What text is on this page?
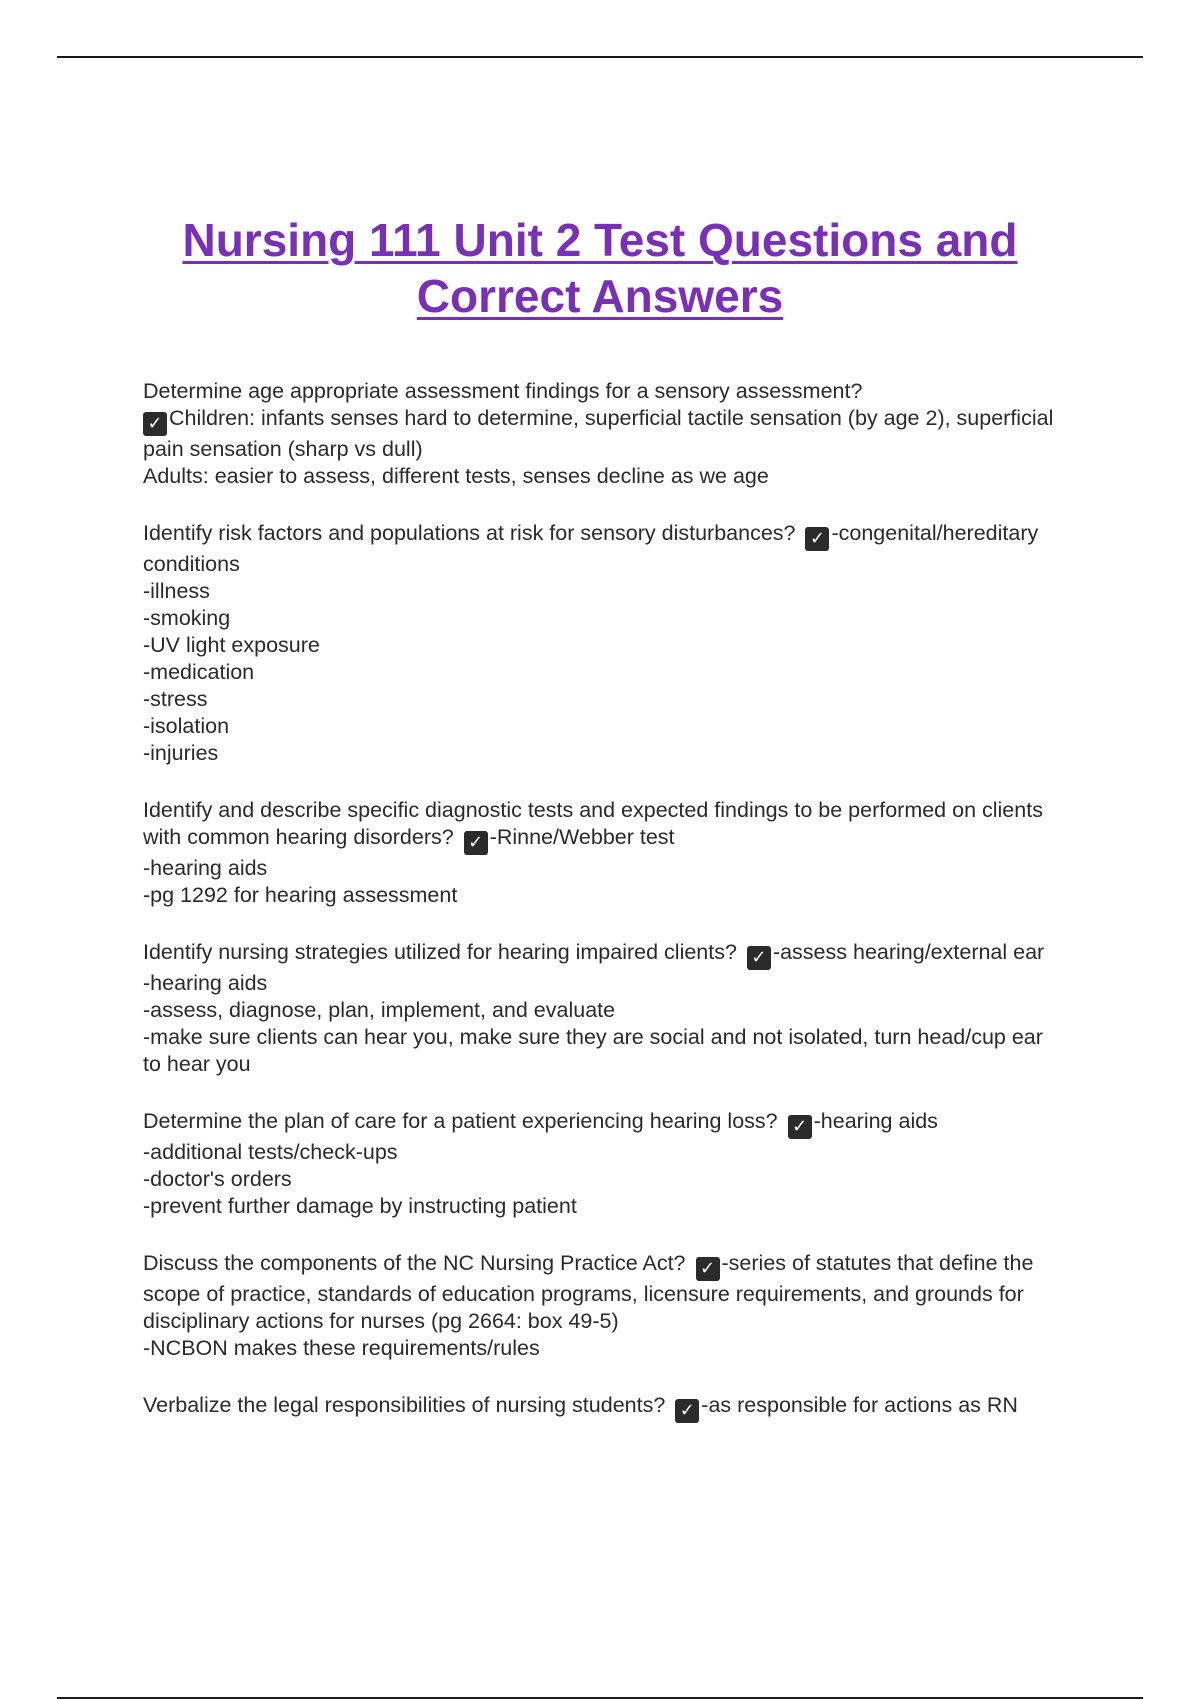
Nursing 111 Unit 2 Test Questions and Correct Answers
Determine age appropriate assessment findings for a sensory assessment?
✓ Children: infants senses hard to determine, superficial tactile sensation (by age 2), superficial pain sensation (sharp vs dull)
Adults: easier to assess, different tests, senses decline as we age
Identify risk factors and populations at risk for sensory disturbances? ✓ -congenital/hereditary conditions
-illness
-smoking
-UV light exposure
-medication
-stress
-isolation
-injuries
Identify and describe specific diagnostic tests and expected findings to be performed on clients with common hearing disorders? ✓ -Rinne/Webber test
-hearing aids
-pg 1292 for hearing assessment
Identify nursing strategies utilized for hearing impaired clients? ✓ -assess hearing/external ear
-hearing aids
-assess, diagnose, plan, implement, and evaluate
-make sure clients can hear you, make sure they are social and not isolated, turn head/cup ear to hear you
Determine the plan of care for a patient experiencing hearing loss? ✓ -hearing aids
-additional tests/check-ups
-doctor's orders
-prevent further damage by instructing patient
Discuss the components of the NC Nursing Practice Act? ✓ -series of statutes that define the scope of practice, standards of education programs, licensure requirements, and grounds for disciplinary actions for nurses (pg 2664: box 49-5)
-NCBON makes these requirements/rules
Verbalize the legal responsibilities of nursing students? ✓ -as responsible for actions as RN
